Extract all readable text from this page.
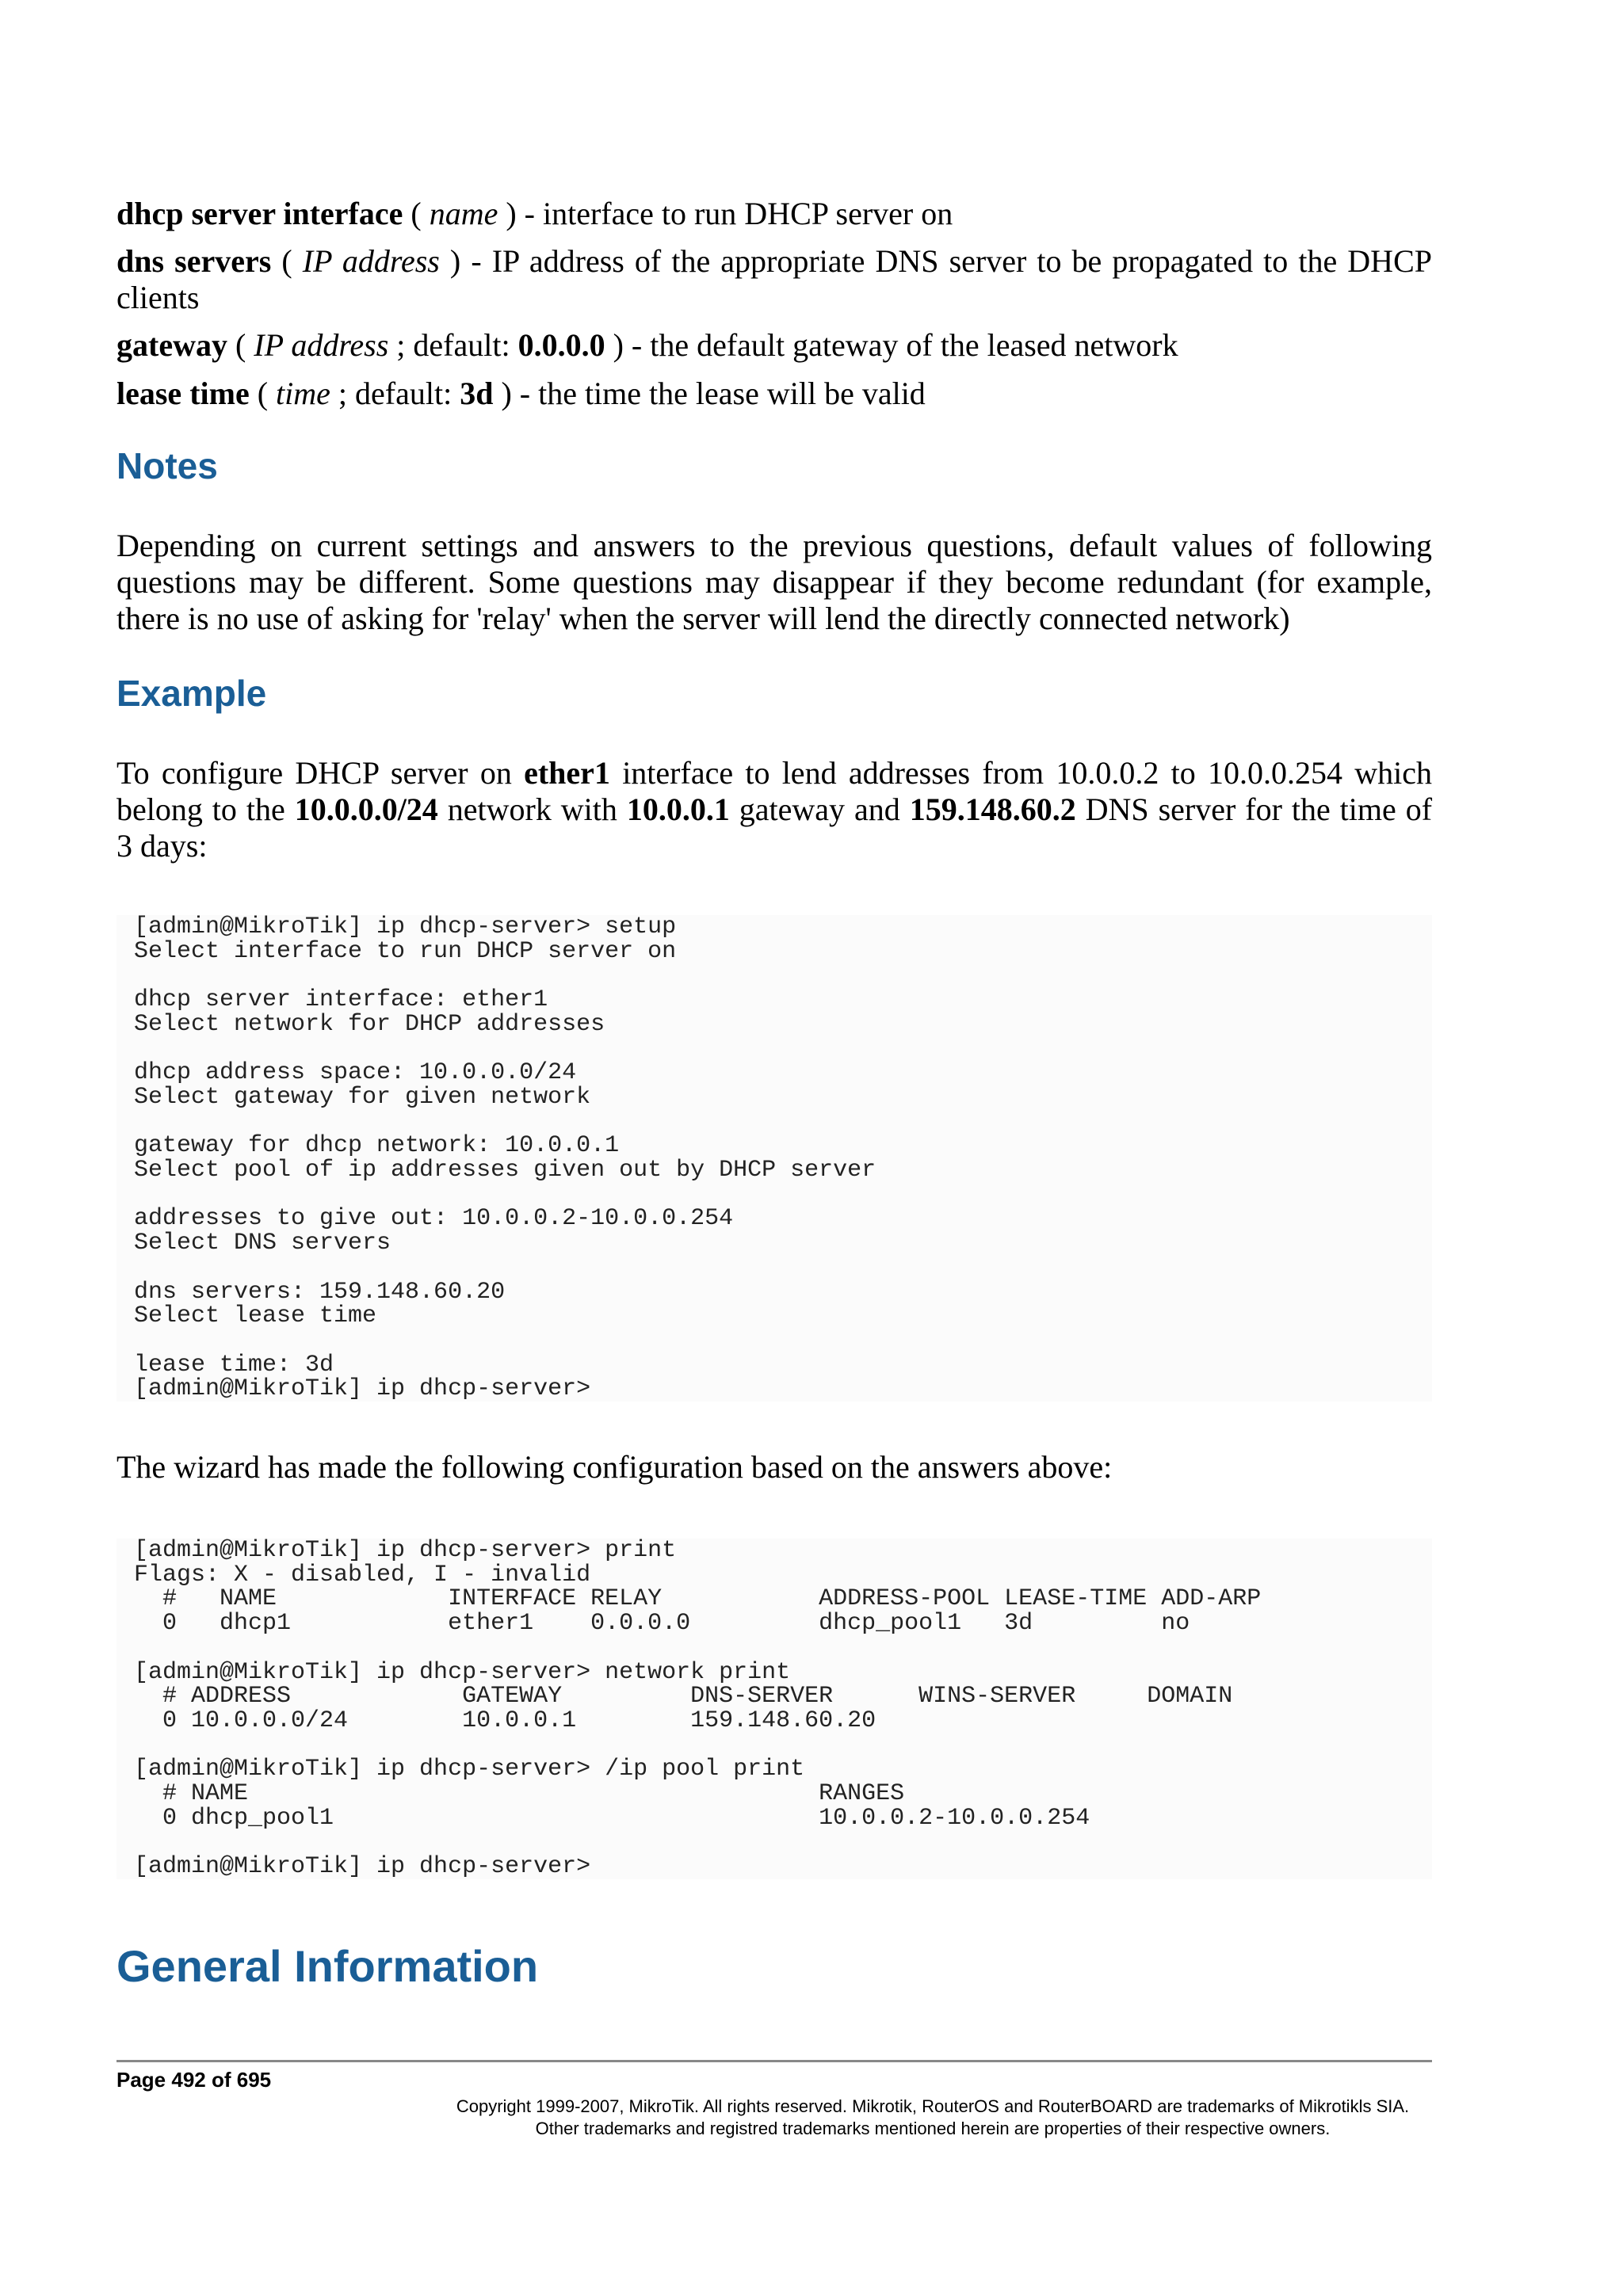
dhcp server interface ( name ) - interface to run DHCP server on
dns servers ( IP address ) - IP address of the appropriate DNS server to be propagated to the DHCP clients
gateway ( IP address ; default: 0.0.0.0 ) - the default gateway of the leased network
lease time ( time ; default: 3d ) - the time the lease will be valid
Notes
Depending on current settings and answers to the previous questions, default values of following questions may be different. Some questions may disappear if they become redundant (for example, there is no use of asking for 'relay' when the server will lend the directly connected network)
Example
To configure DHCP server on ether1 interface to lend addresses from 10.0.0.2 to 10.0.0.254 which belong to the 10.0.0.0/24 network with 10.0.0.1 gateway and 159.148.60.2 DNS server for the time of 3 days:
[admin@MikroTik] ip dhcp-server> setup
Select interface to run DHCP server on

dhcp server interface: ether1
Select network for DHCP addresses

dhcp address space: 10.0.0.0/24
Select gateway for given network

gateway for dhcp network: 10.0.0.1
Select pool of ip addresses given out by DHCP server

addresses to give out: 10.0.0.2-10.0.0.254
Select DNS servers

dns servers: 159.148.60.20
Select lease time

lease time: 3d
[admin@MikroTik] ip dhcp-server>
The wizard has made the following configuration based on the answers above:
[admin@MikroTik] ip dhcp-server> print
Flags: X - disabled, I - invalid
#   NAME            INTERFACE RELAY           ADDRESS-POOL LEASE-TIME ADD-ARP
0   dhcp1           ether1    0.0.0.0         dhcp_pool1   3d         no

[admin@MikroTik] ip dhcp-server> network print
# ADDRESS            GATEWAY         DNS-SERVER      WINS-SERVER     DOMAIN
0 10.0.0.0/24        10.0.0.1        159.148.60.20

[admin@MikroTik] ip dhcp-server> /ip pool print
# NAME                                        RANGES
0 dhcp_pool1                                  10.0.0.2-10.0.0.254

[admin@MikroTik] ip dhcp-server>
General Information
Page 492 of 695
Copyright 1999-2007, MikroTik. All rights reserved. Mikrotik, RouterOS and RouterBOARD are trademarks of Mikrotikls SIA.
Other trademarks and registred trademarks mentioned herein are properties of their respective owners.
